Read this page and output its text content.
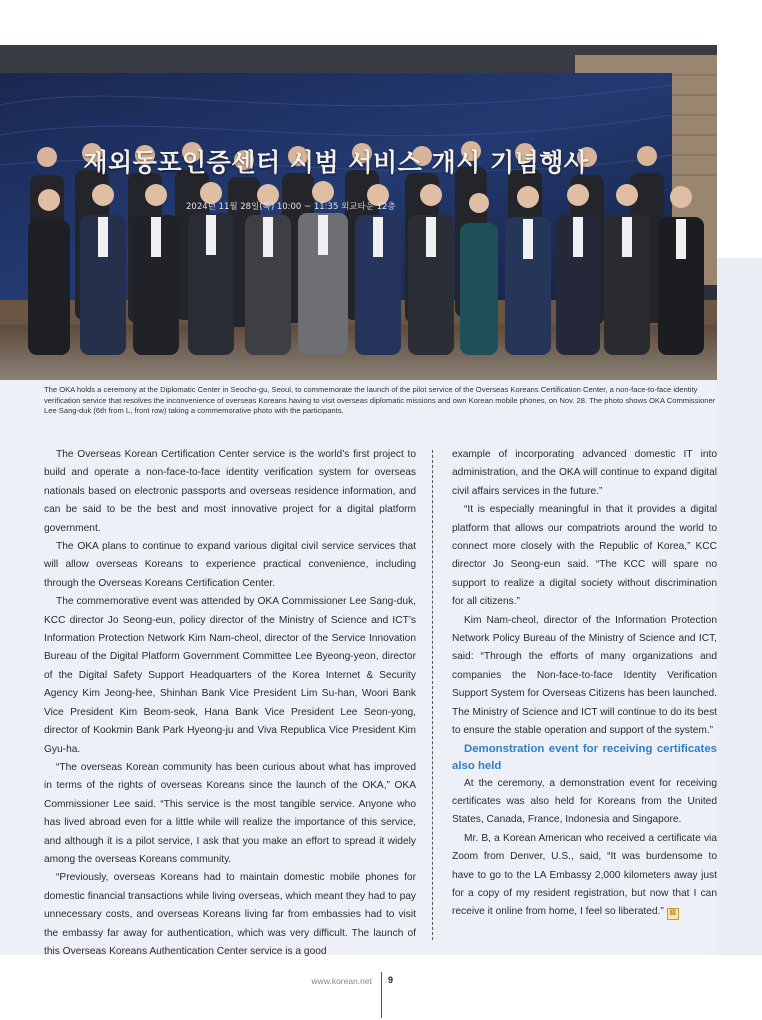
재외동포인증센터 시범 서비스 개시 기념행사
2024년 11월 28일(목) 10:00 ~ 11:35 외교타운 12층
The OKA holds a ceremony at the Diplomatic Center in Seocho-gu, Seoul, to commemorate the launch of the pilot service of the Overseas Koreans Certification Center, a non-face-to-face identity verification service that resolves the inconvenience of overseas Koreans having to visit overseas diplomatic missions and own Korean mobile phones, on Nov. 28. The photo shows OKA Commissioner Lee Sang-duk (6th from L, front row) taking a commemorative photo with the participants.

The Overseas Korean Certification Center service is the world’s first project to build and operate a non-face-to-face identity verification system for overseas nationals based on electronic passports and overseas residence information, and can be said to be the best and most innovative project for a digital platform government.

The OKA plans to continue to expand various digital civil service services that will allow overseas Koreans to experience practical convenience, including through the Overseas Koreans Certification Center.

The commemorative event was attended by OKA Commissioner Lee Sang-duk, KCC director Jo Seong-eun, policy director of the Ministry of Science and ICT’s Information Protection Network Kim Nam-cheol, director of the Service Innovation Bureau of the Digital Platform Government Committee Lee Byeong-yeon, director of the Digital Safety Support Headquarters of the Korea Internet & Security Agency Kim Jeong-hee, Shinhan Bank Vice President Lim Su-han, Woori Bank Vice President Kim Beom-seok, Hana Bank Vice President Lee Seon-yong, director of Kookmin Bank Park Hyeong-ju and Viva Republica Vice President Kim Gyu-ha.

“The overseas Korean community has been curious about what has improved in terms of the rights of overseas Koreans since the launch of the OKA,” OKA Commissioner Lee said. “This service is the most tangible service. Anyone who has lived abroad even for a little while will realize the importance of this service, and although it is a pilot service, I ask that you make an effort to spread it widely among the overseas Koreans community.

“Previously, overseas Koreans had to maintain domestic mobile phones for domestic financial transactions while living overseas, which meant they had to pay unnecessary costs, and overseas Koreans living far from embassies had to visit the embassy far away for authentication, which was very difficult. The launch of this Overseas Koreans Authentication Center service is a good

example of incorporating advanced domestic IT into administration, and the OKA will continue to expand digital civil affairs services in the future.”

“It is especially meaningful in that it provides a digital platform that allows our compatriots around the world to connect more closely with the Republic of Korea,” KCC director Jo Seong-eun said. “The KCC will spare no support to realize a digital society without discrimination for all citizens.”

Kim Nam-cheol, director of the Information Protection Network Policy Bureau of the Ministry of Science and ICT, said: “Through the efforts of many organizations and companies the Non-face-to-face Identity Verification Support System for Overseas Citizens has been launched. The Ministry of Science and ICT will continue to do its best to ensure the stable operation and support of the system.”

Demonstration event for receiving certificates also held

At the ceremony, a demonstration event for receiving certificates was also held for Koreans from the United States, Canada, France, Indonesia and Singapore.

Mr. B, a Korean American who received a certificate via Zoom from Denver, U.S., said, “It was burdensome to have to go to the LA Embassy 2,000 kilometers away just for a copy of my resident registration, but now that I can receive it online from home, I feel so liberated.” 韓

www.korean.net 9
